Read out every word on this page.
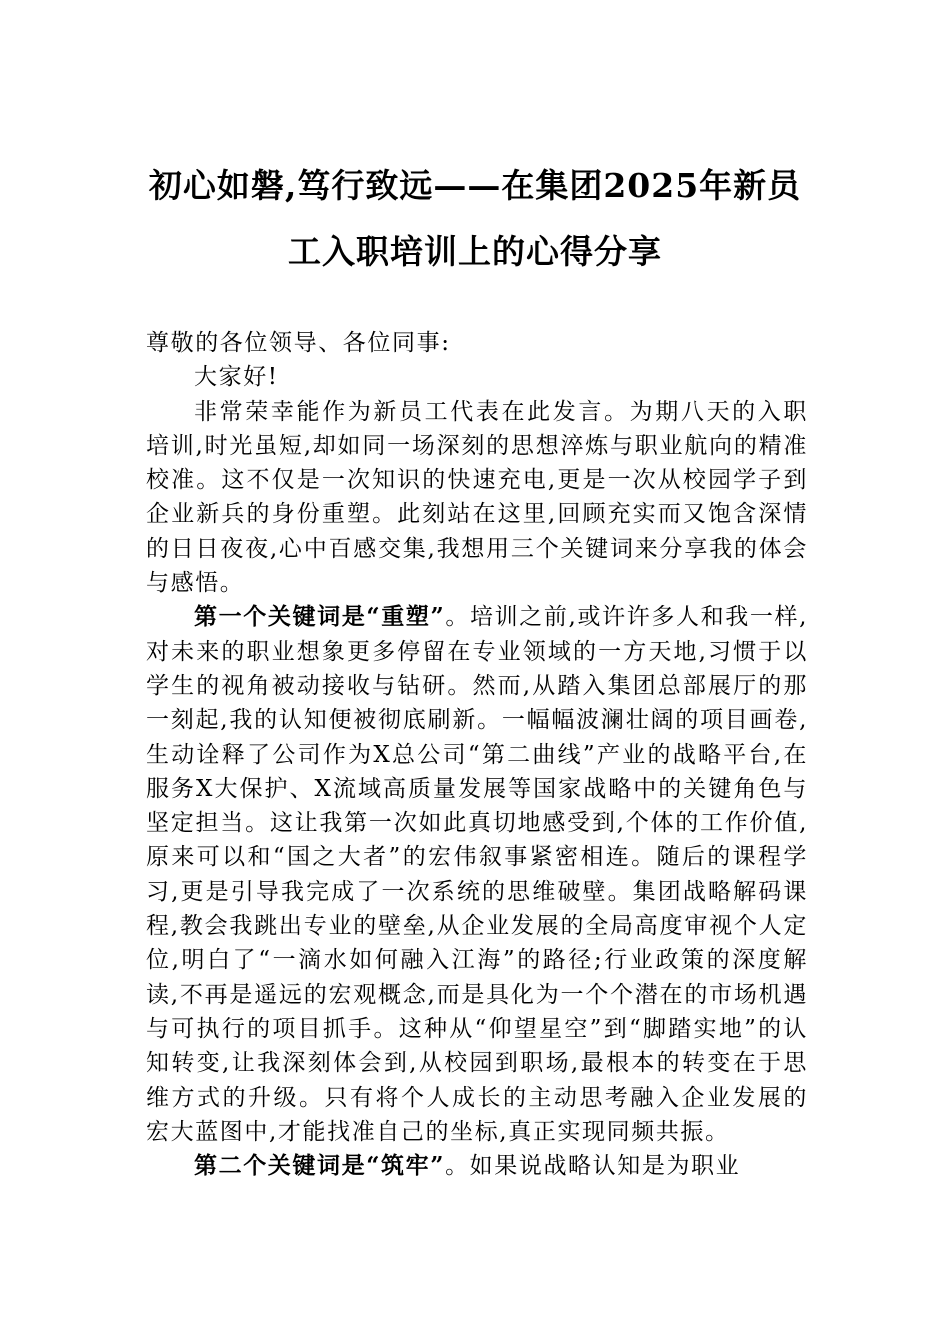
初心如磐,笃行致远——在集团2025年新员
工入职培训上的心得分享

尊敬的各位领导、各位同事:

大家好!

非常荣幸能作为新员工代表在此发言。为期八天的入职培训,时光虽短,却如同一场深刻的思想淬炼与职业航向的精准校准。这不仅是一次知识的快速充电,更是一次从校园学子到企业新兵的身份重塑。此刻站在这里,回顾充实而又饱含深情的日日夜夜,心中百感交集,我想用三个关键词来分享我的体会与感悟。

第一个关键词是“重塑”。培训之前,或许许多人和我一样,对未来的职业想象更多停留在专业领域的一方天地,习惯于以学生的视角被动接收与钻研。然而,从踏入集团总部展厅的那一刻起,我的认知便被彻底刷新。一幅幅波澜壮阔的项目画卷,生动诠释了公司作为X总公司“第二曲线”产业的战略平台,在服务X大保护、X流域高质量发展等国家战略中的关键角色与坚定担当。这让我第一次如此真切地感受到,个体的工作价值,原来可以和“国之大者”的宏伟叙事紧密相连。随后的课程学习,更是引导我完成了一次系统的思维破壁。集团战略解码课程,教会我跳出专业的壁垒,从企业发展的全局高度审视个人定位,明白了“一滴水如何融入江海”的路径;行业政策的深度解读,不再是遥远的宏观概念,而是具化为一个个潜在的市场机遇与可执行的项目抓手。这种从“仰望星空”到“脚踏实地”的认知转变,让我深刻体会到,从校园到职场,最根本的转变在于思维方式的升级。只有将个人成长的主动思考融入企业发展的宏大蓝图中,才能找准自己的坐标,真正实现同频共振。

第二个关键词是“筑牢”。如果说战略认知是为职业
